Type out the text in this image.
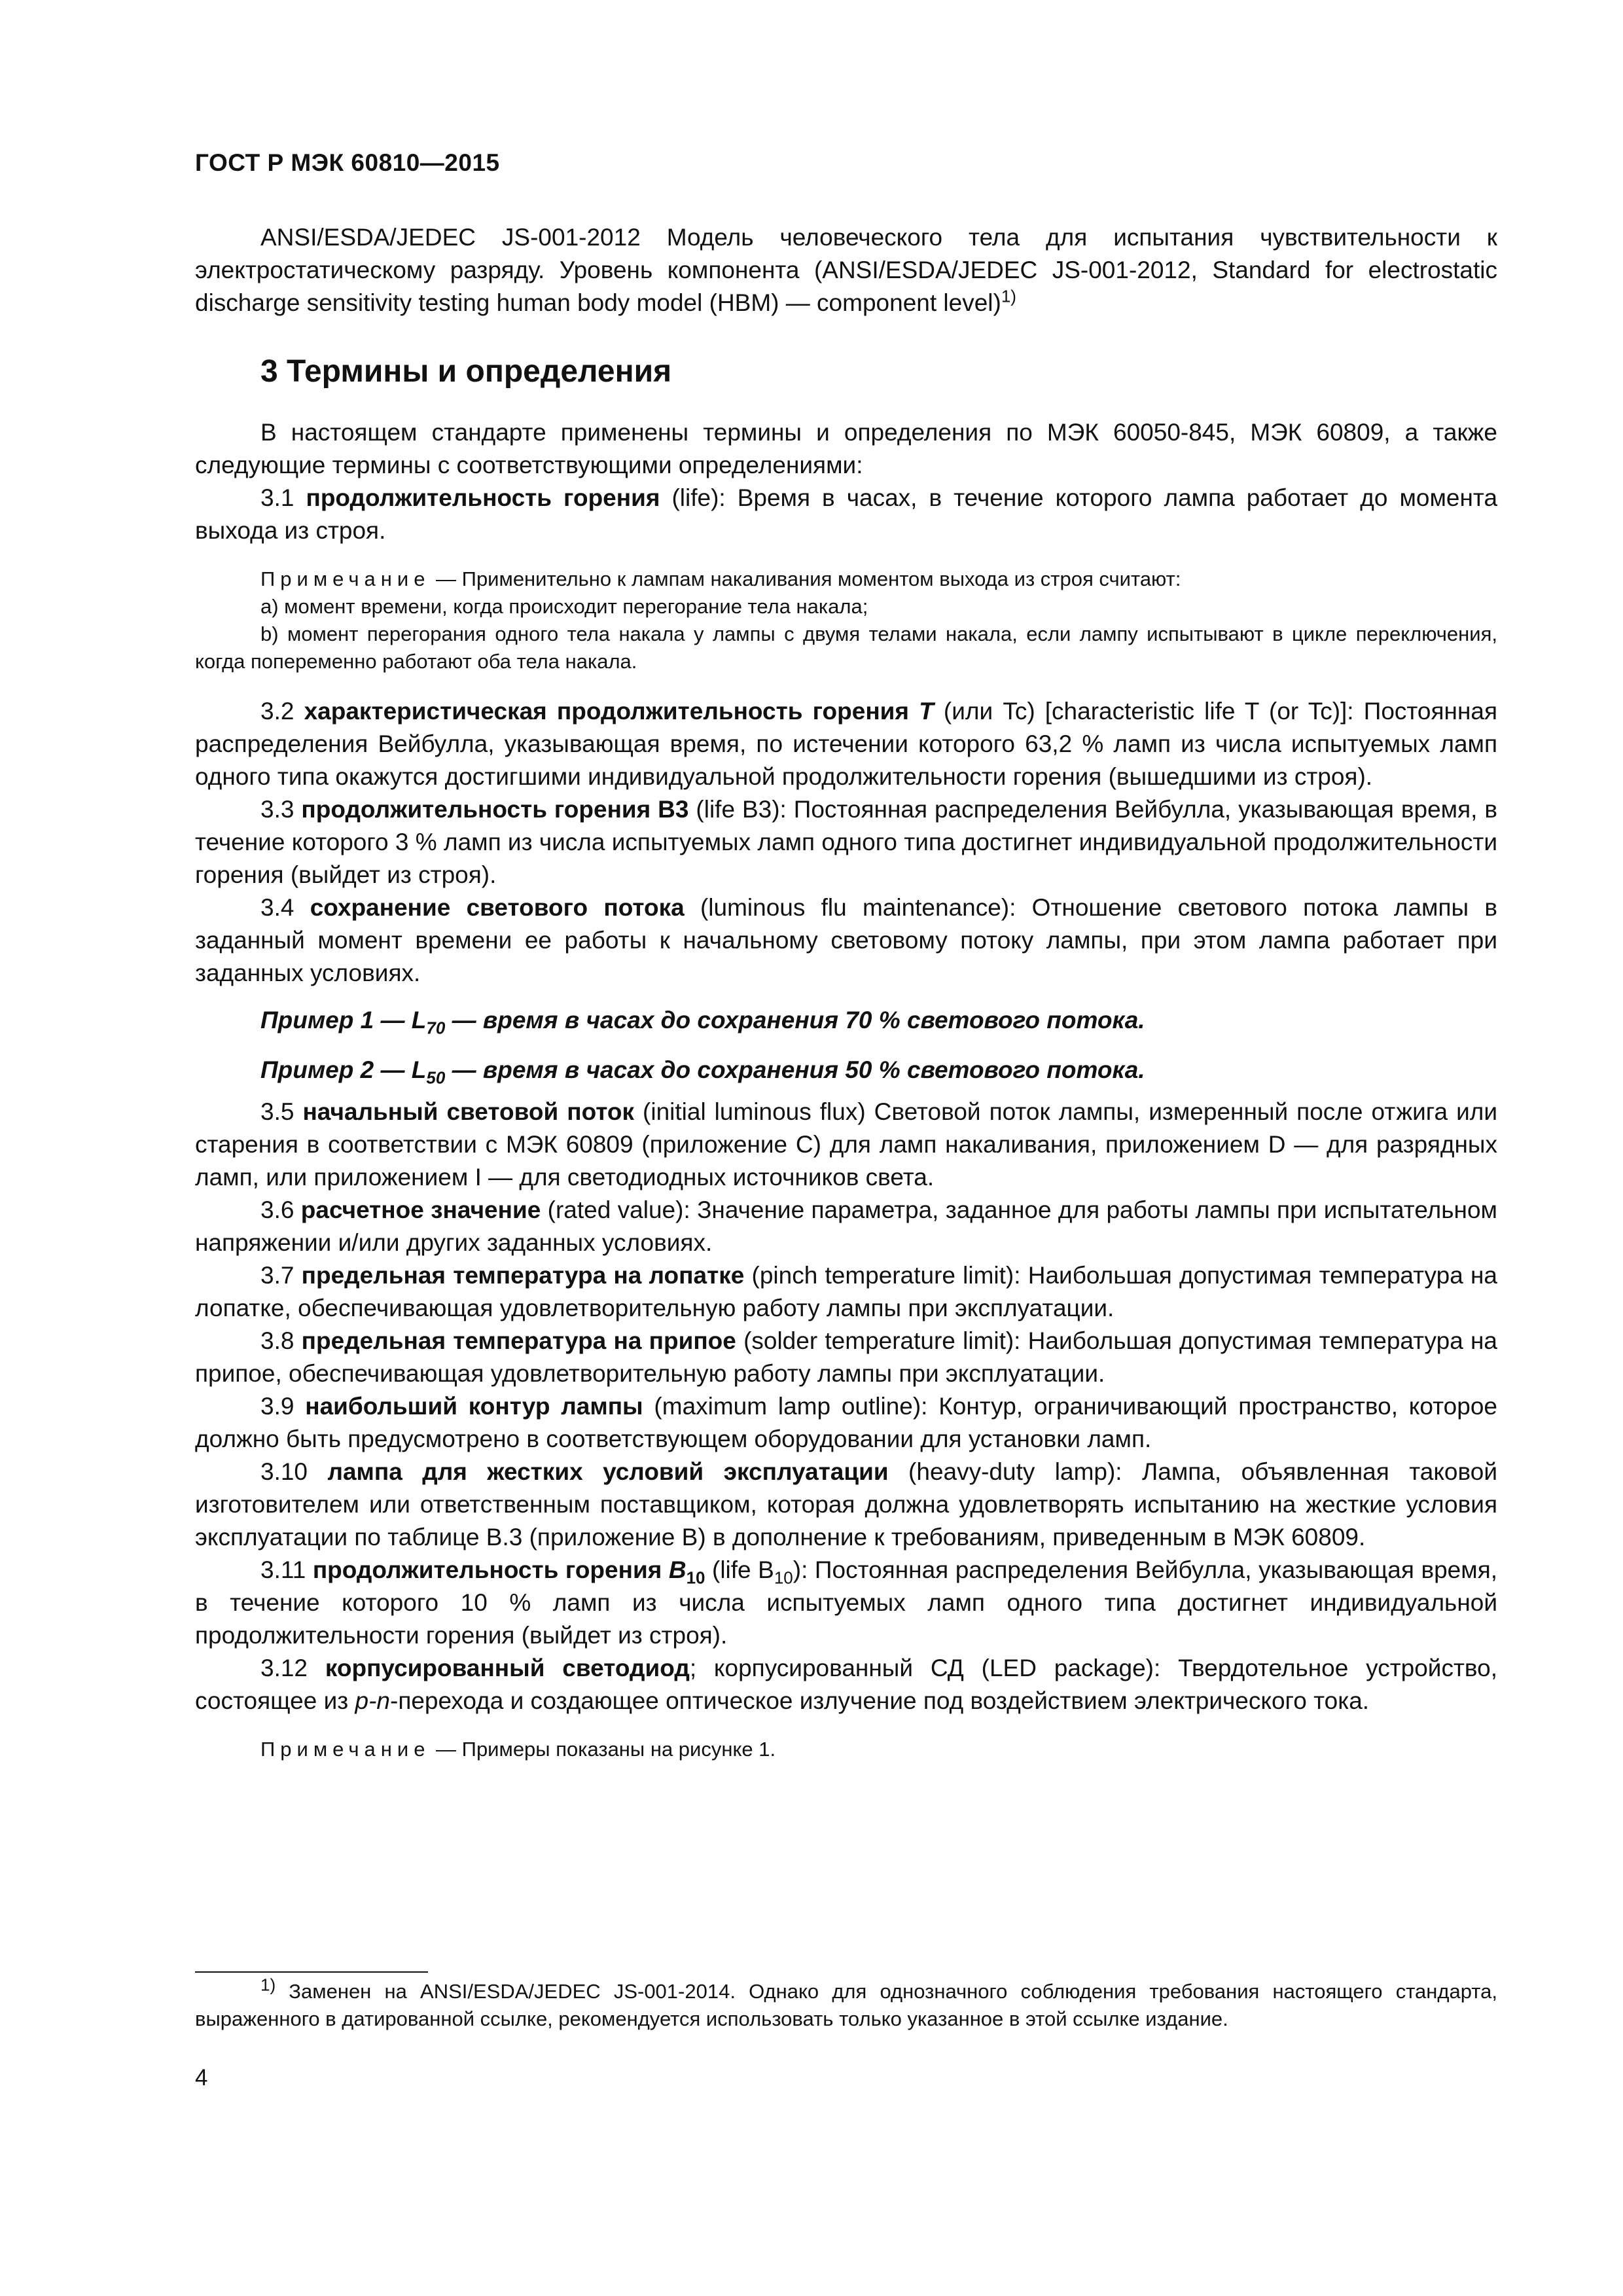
ГОСТ Р МЭК 60810—2015

ANSI/ESDA/JEDEC JS-001-2012 Модель человеческого тела для испытания чувствительности к электростатическому разряду. Уровень компонента (ANSI/ESDA/JEDEC JS-001-2012, Standard for electrostatic discharge sensitivity testing human body model (HBM) — component level)$^{1)}$

3 Термины и определения

В настоящем стандарте применены термины и определения по МЭК 60050-845, МЭК 60809, а также следующие термины с соответствующими определениями:

3.1 продолжительность горения (life): Время в часах, в течение которого лампа работает до момента выхода из строя.

Примечание — Применительно к лампам накаливания моментом выхода из строя считают:

a) момент времени, когда происходит перегорание тела накала;

b) момент перегорания одного тела накала у лампы с двумя телами накала, если лампу испытывают в цикле переключения, когда попеременно работают оба тела накала.

3.2 характеристическая продолжительность горения T (или Tc) [characteristic life T (or Tc)]: Постоянная распределения Вейбулла, указывающая время, по истечении которого 63,2 % ламп из числа испытуемых ламп одного типа окажутся достигшими индивидуальной продолжительности горения (вышедшими из строя).

3.3 продолжительность горения B3 (life B3): Постоянная распределения Вейбулла, указывающая время, в течение которого 3 % ламп из числа испытуемых ламп одного типа достигнет индивидуальной продолжительности горения (выйдет из строя).

3.4 сохранение светового потока (luminous flu maintenance): Отношение светового потока лампы в заданный момент времени ее работы к начальному световому потоку лампы, при этом лампа работает при заданных условиях.

Пример 1 — $L_{70}$ — время в часах до сохранения 70 % светового потока.

Пример 2 — $L_{50}$ — время в часах до сохранения 50 % светового потока.

3.5 начальный световой поток (initial luminous flux) Световой поток лампы, измеренный после отжига или старения в соответствии с МЭК 60809 (приложение С) для ламп накаливания, приложением D — для разрядных ламп, или приложением I — для светодиодных источников света.

3.6 расчетное значение (rated value): Значение параметра, заданное для работы лампы при испытательном напряжении и/или других заданных условиях.

3.7 предельная температура на лопатке (pinch temperature limit): Наибольшая допустимая температура на лопатке, обеспечивающая удовлетворительную работу лампы при эксплуатации.

3.8 предельная температура на припое (solder temperature limit): Наибольшая допустимая температура на припое, обеспечивающая удовлетворительную работу лампы при эксплуатации.

3.9 наибольший контур лампы (maximum lamp outline): Контур, ограничивающий пространство, которое должно быть предусмотрено в соответствующем оборудовании для установки ламп.

3.10 лампа для жестких условий эксплуатации (heavy-duty lamp): Лампа, объявленная таковой изготовителем или ответственным поставщиком, которая должна удовлетворять испытанию на жесткие условия эксплуатации по таблице В.3 (приложение В) в дополнение к требованиям, приведенным в МЭК 60809.

3.11 продолжительность горения $B_{10}$ (life $B_{10}$): Постоянная распределения Вейбулла, указывающая время, в течение которого 10 % ламп из числа испытуемых ламп одного типа достигнет индивидуальной продолжительности горения (выйдет из строя).

3.12 корпусированный светодиод; корпусированный СД (LED package): Твердотельное устройство, состоящее из p-n-перехода и создающее оптическое излучение под воздействием электрического тока.

Примечание — Примеры показаны на рисунке 1.

$^{1)}$ Заменен на ANSI/ESDA/JEDEC JS-001-2014. Однако для однозначного соблюдения требования настоящего стандарта, выраженного в датированной ссылке, рекомендуется использовать только указанное в этой ссылке издание.

4
